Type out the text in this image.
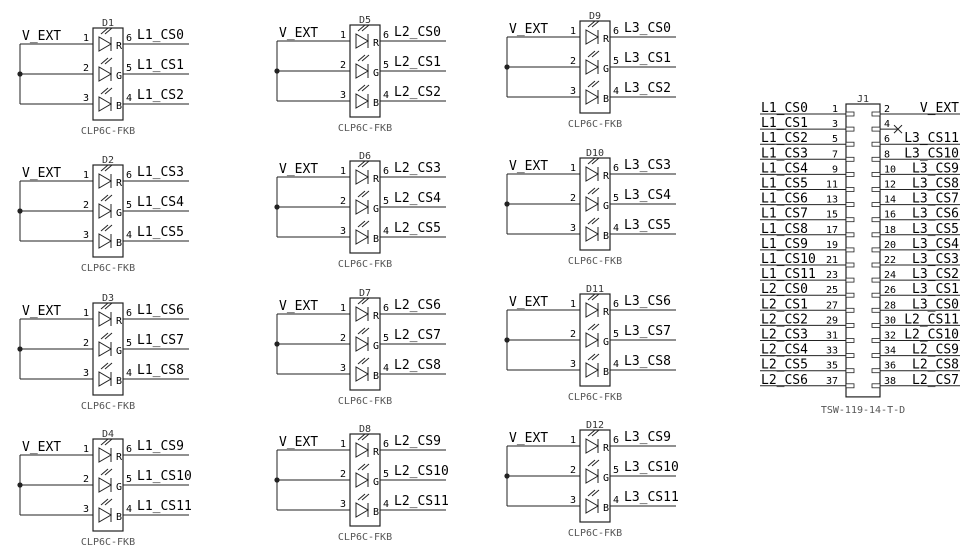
V_EXT
D1
CLP6C-FKB
1
2
3
6
5
4
R
G
B
L1_CS0
L1_CS1
L1_CS2
V_EXT
D2
CLP6C-FKB
1
2
3
6
5
4
R
G
B
L1_CS3
L1_CS4
L1_CS5
V_EXT
D3
CLP6C-FKB
1
2
3
6
5
4
R
G
B
L1_CS6
L1_CS7
L1_CS8
V_EXT
D4
CLP6C-FKB
1
2
3
6
5
4
R
G
B
L1_CS9
L1_CS10
L1_CS11
V_EXT
D5
CLP6C-FKB
1
2
3
6
5
4
R
G
B
L2_CS0
L2_CS1
L2_CS2
V_EXT
D6
CLP6C-FKB
1
2
3
6
5
4
R
G
B
L2_CS3
L2_CS4
L2_CS5
V_EXT
D7
CLP6C-FKB
1
2
3
6
5
4
R
G
B
L2_CS6
L2_CS7
L2_CS8
V_EXT
D8
CLP6C-FKB
1
2
3
6
5
4
R
G
B
L2_CS9
L2_CS10
L2_CS11
V_EXT
D9
CLP6C-FKB
1
2
3
6
5
4
R
G
B
L3_CS0
L3_CS1
L3_CS2
V_EXT
D10
CLP6C-FKB
1
2
3
6
5
4
R
G
B
L3_CS3
L3_CS4
L3_CS5
V_EXT
D11
CLP6C-FKB
1
2
3
6
5
4
R
G
B
L3_CS6
L3_CS7
L3_CS8
V_EXT
D12
CLP6C-FKB
1
2
3
6
5
4
R
G
B
L3_CS9
L3_CS10
L3_CS11
J1
TSW-119-14-T-D
L1_CS0 1	2 V_EXT
L1_CS1 3	4
L1_CS2 5	6 L3_CS11
L1_CS3 7	8 L3_CS10
L1_CS4 9	10 L3_CS9
L1_CS5 11	12 L3_CS8
L1_CS6 13	14 L3_CS7
L1_CS7 15	16 L3_CS6
L1_CS8 17	18 L3_CS5
L1_CS9 19	20 L3_CS4
L1_CS10 21	22 L3_CS3
L1_CS11 23	24 L3_CS2
L2_CS0 25	26 L3_CS1
L2_CS1 27	28 L3_CS0
L2_CS2 29	30 L2_CS11
L2_CS3 31	32 L2_CS10
L2_CS4 33	34 L2_CS9
L2_CS5 35	36 L2_CS8
L2_CS6 37	38 L2_CS7
